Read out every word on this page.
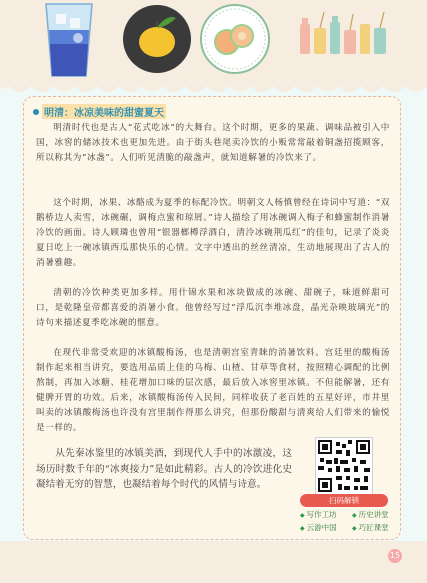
明清：冰凉美味的甜蜜夏天

明清时代也是古人“花式吃冰”的大舞台。这个时期，更多的果蔬、调味品被引入中国，冰窖的储冰技术也更加先进。由于街头巷尾卖冷饮的小贩常常敲着铜盏招揽顾客，所以称其为“冰盏”。人们听见清脆的敲盏声，就知道解暑的冷饮来了。

这个时期，冰果、冰酪成为夏季的标配冷饮。明朝文人杨慎曾经在诗词中写道：“双鹅桥边人卖雪，冰碗碾，调梅点蜜和琼屑。”诗人描绘了用冰碗调入梅子和蜂蜜制作消暑冷饮的画面。诗人顾璘也曾用“银器榔樽浮酒白，清泠冰碗荆瓜红”的佳句，记录了炎炎夏日吃上一碗冰镇西瓜那快乐的心情。文字中透出的丝丝清凉，生动地展现出了古人的消暑雅趣。

清朝的冷饮种类更加多样。用什锦水果和冰块做成的冰碗、甜碗子，味道鲜甜可口，是乾隆皇帝都喜爱的消暑小食。他曾经写过“浮瓜沉李堆冰盘，晶光杂映玻璃光”的诗句来描述夏季吃冰碗的惬意。

在现代非常受欢迎的冰镇酸梅汤，也是清朝宫室青睐的消暑饮料。宫廷里的酸梅汤制作起来相当讲究，要选用品质上佳的乌梅、山楂、甘草等食材，按照精心调配的比例熬制，再加入冰糖、桂花增加口味的层次感，最后放入冰窖里冰镇。不但能解暑，还有健脾开胃的功效。后来，冰镇酸梅汤传入民间，同样收获了老百姓的五星好评，市井里叫卖的冰镇酸梅汤也许没有宫里制作得那么讲究，但那份酸甜与清爽给人们带来的愉悦是一样的。

从先秦冰鉴里的冰镇美酒，到现代人手中的冰激凌，这场历时数千年的“冰爽接力”是如此精彩。古人的冷饮进化史凝结着无穷的智慧，也凝结着每个时代的风情与诗意。

扫码解锁
◆ 写作工坊	◆ 历史讲堂
◆ 云游中国	◆ 巧匠课堂
15
